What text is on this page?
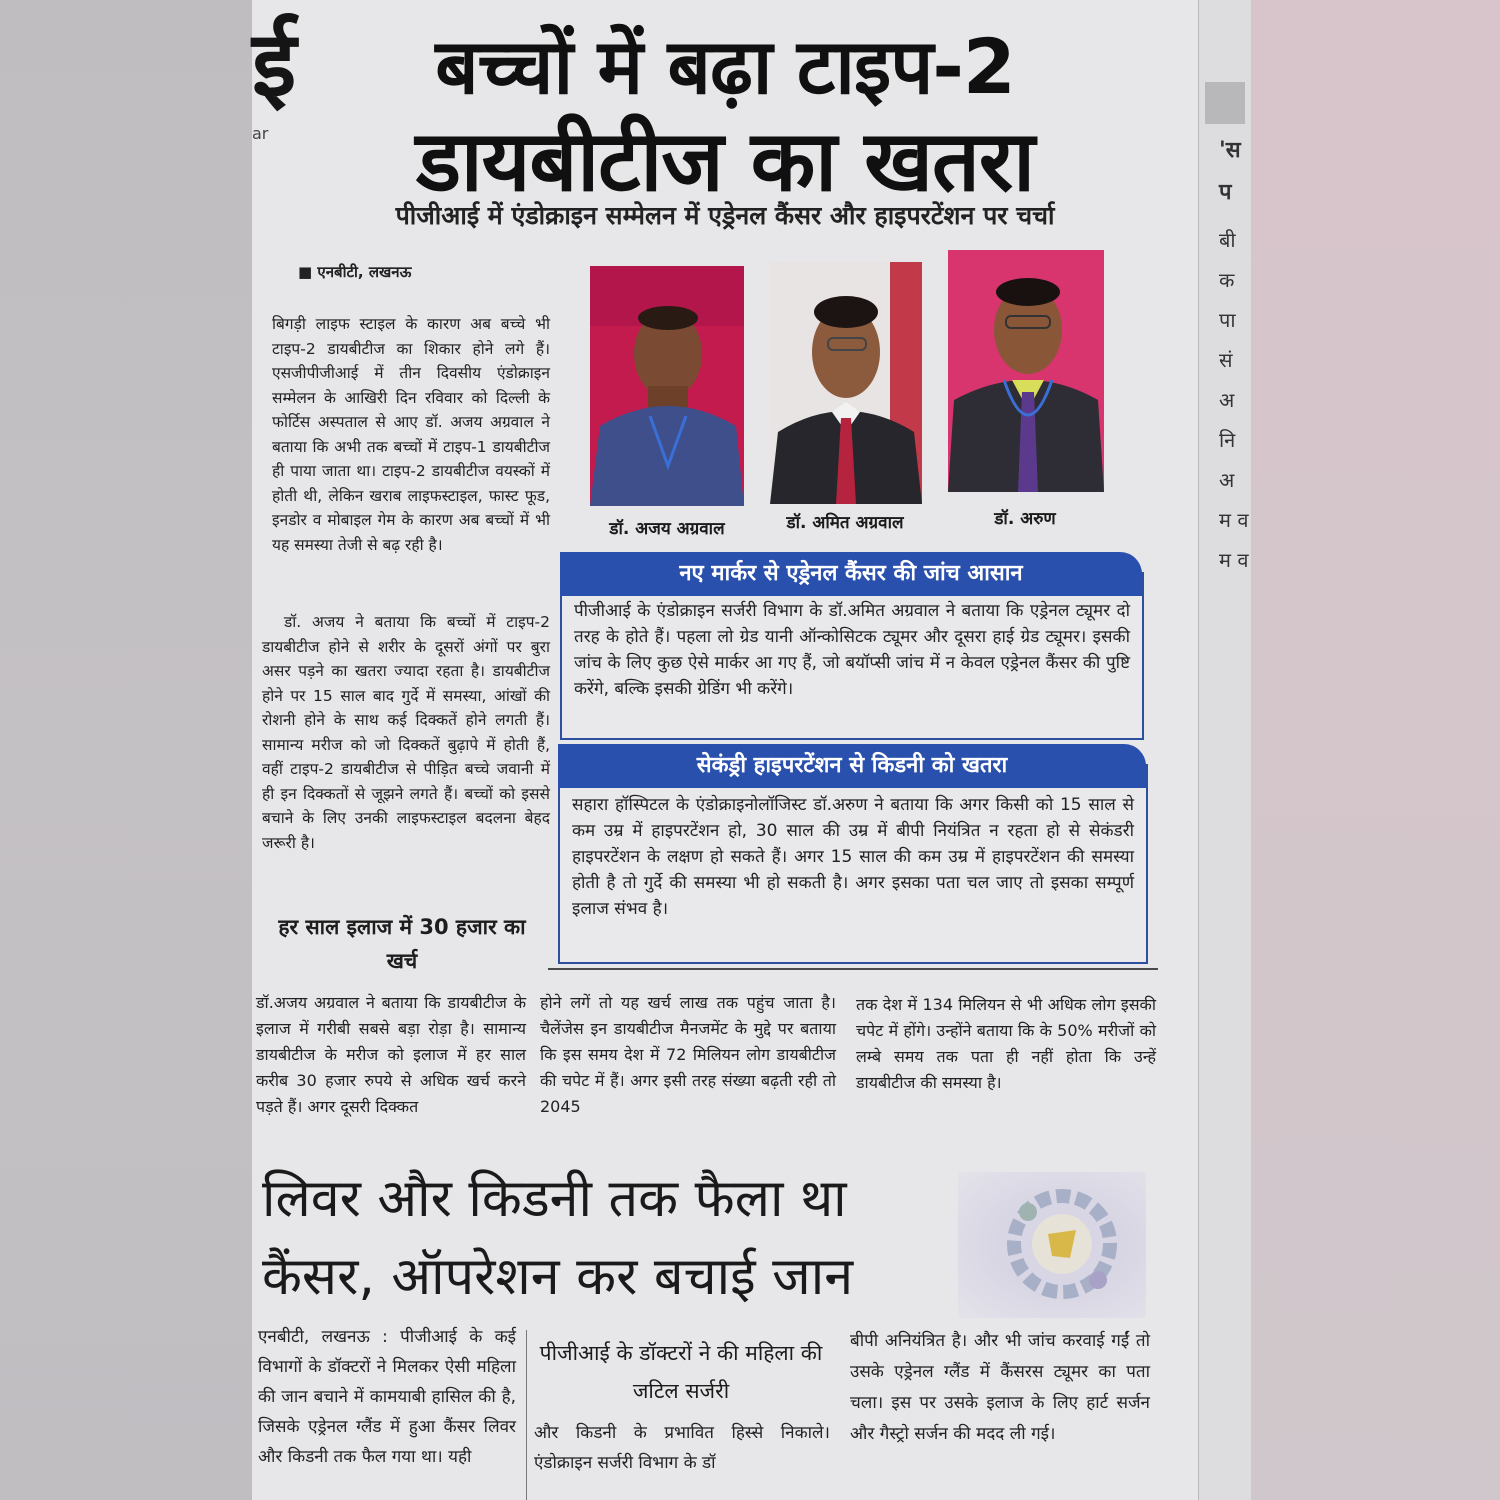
'स प
बी क पा सं अ नि अ म व म व
ई
ar
बच्चों में बढ़ा टाइप-2
डायबीटीज का खतरा
पीजीआई में एंडोक्राइन सम्मेलन में एड्रेनल कैंसर और हाइपरटेंशन पर चर्चा
■ एनबीटी, लखनऊ
बिगड़ी लाइफ स्टाइल के कारण अब बच्चे भी टाइप-2 डायबीटीज का शिकार होने लगे हैं। एसजीपीजीआई में तीन दिवसीय एंडोक्राइन सम्मेलन के आखिरी दिन रविवार को दिल्ली के फोर्टिस अस्पताल से आए डॉ. अजय अग्रवाल ने बताया कि अभी तक बच्चों में टाइप-1 डायबीटीज ही पाया जाता था। टाइप-2 डायबीटीज वयस्कों में होती थी, लेकिन खराब लाइफस्टाइल, फास्ट फूड, इनडोर व मोबाइल गेम के कारण अब बच्चों में भी यह समस्या तेजी से बढ़ रही है।
डॉ. अजय ने बताया कि बच्चों में टाइप-2 डायबीटीज होने से शरीर के दूसरों अंगों पर बुरा असर पड़ने का खतरा ज्यादा रहता है। डायबीटीज होने पर 15 साल बाद गुर्दे में समस्या, आंखों की रोशनी होने के साथ कई दिक्कतें होने लगती हैं। सामान्य मरीज को जो दिक्कतें बुढ़ापे में होती हैं, वहीं टाइप-2 डायबीटीज से पीड़ित बच्चे जवानी में ही इन दिक्कतों से जूझने लगते हैं। बच्चों को इससे बचाने के लिए उनकी लाइफस्टाइल बदलना बेहद जरूरी है।
डॉ. अजय अग्रवाल	डॉ. अमित अग्रवाल	डॉ. अरुण
नए मार्कर से एड्रेनल कैंसर की जांच आसान
पीजीआई के एंडोक्राइन सर्जरी विभाग के डॉ.अमित अग्रवाल ने बताया कि एड्रेनल ट्यूमर दो तरह के होते हैं। पहला लो ग्रेड यानी ऑन्कोसिटक ट्यूमर और दूसरा हाई ग्रेड ट्यूमर। इसकी जांच के लिए कुछ ऐसे मार्कर आ गए हैं, जो बयॉप्सी जांच में न केवल एड्रेनल कैंसर की पुष्टि करेंगे, बल्कि इसकी ग्रेडिंग भी करेंगे।
सेकंड्री हाइपरटेंशन से किडनी को खतरा
सहारा हॉस्पिटल के एंडोक्राइनोलॉजिस्ट डॉ.अरुण ने बताया कि अगर किसी को 15 साल से कम उम्र में हाइपरटेंशन हो, 30 साल की उम्र में बीपी नियंत्रित न रहता हो से सेकंडरी हाइपरटेंशन के लक्षण हो सकते हैं। अगर 15 साल की कम उम्र में हाइपरटेंशन की समस्या होती है तो गुर्दे की समस्या भी हो सकती है। अगर इसका पता चल जाए तो इसका सम्पूर्ण इलाज संभव है।
हर साल इलाज में 30 हजार का खर्च
डॉ.अजय अग्रवाल ने बताया कि डायबीटीज के इलाज में गरीबी सबसे बड़ा रोड़ा है। सामान्य डायबीटीज के मरीज को इलाज में हर साल करीब 30 हजार रुपये से अधिक खर्च करने पड़ते हैं। अगर दूसरी दिक्कत
होने लगें तो यह खर्च लाख तक पहुंच जाता है। चैलेंजेस इन डायबीटीज मैनजमेंट के मुद्दे पर बताया कि इस समय देश में 72 मिलियन लोग डायबीटीज की चपेट में हैं। अगर इसी तरह संख्या बढ़ती रही तो 2045
तक देश में 134 मिलियन से भी अधिक लोग इसकी चपेट में होंगे। उन्होंने बताया कि के 50% मरीजों को लम्बे समय तक पता ही नहीं होता कि उन्हें डायबीटीज की समस्या है।
लिवर और किडनी तक फैला था
कैंसर, ऑपरेशन कर बचाई जान
एनबीटी, लखनऊ : पीजीआई के कई विभागों के डॉक्टरों ने मिलकर ऐसी महिला की जान बचाने में कामयाबी हासिल की है, जिसके एड्रेनल ग्लैंड में हुआ कैंसर लिवर और किडनी तक फैल गया था। यही
पीजीआई के डॉक्टरों ने की महिला की जटिल सर्जरी
और किडनी के प्रभावित हिस्से निकाले। एंडोक्राइन सर्जरी विभाग के डॉ
बीपी अनियंत्रित है। और भी जांच करवाई गईं तो उसके एड्रेनल ग्लैंड में कैंसरस ट्यूमर का पता चला। इस पर उसके इलाज के लिए हार्ट सर्जन और गैस्ट्रो सर्जन की मदद ली गई।
